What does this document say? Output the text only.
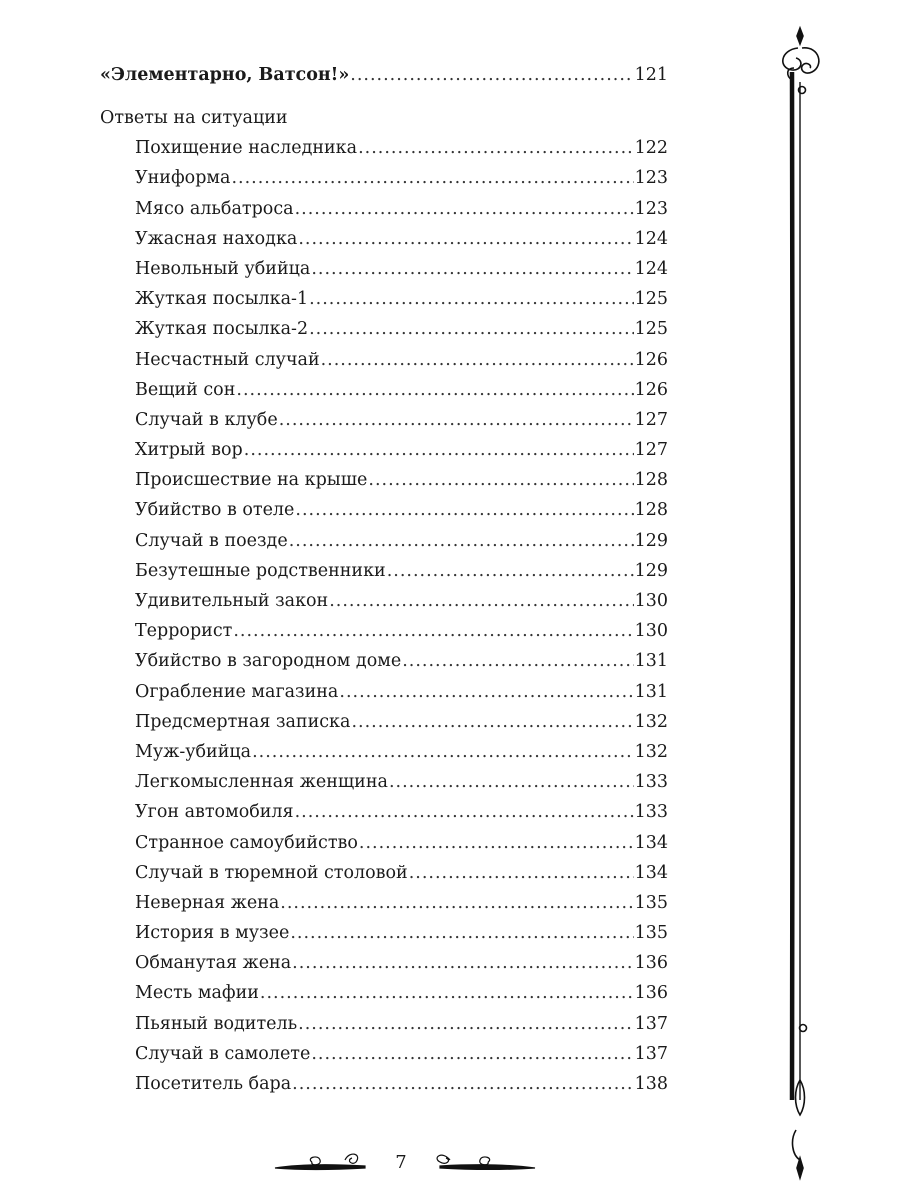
«Элементарно, Ватсон!» .....	121
Ответы на ситуации
Похищение наследника .....	122
Униформа .....	123
Мясо альбатроса .....	123
Ужасная находка .....	124
Невольный убийца .....	124
Жуткая посылка-1 .....	125
Жуткая посылка-2 .....	125
Несчастный случай .....	126
Вещий сон .....	126
Случай в клубе .....	127
Хитрый вор .....	127
Происшествие на крыше .....	128
Убийство в отеле .....	128
Случай в поезде .....	129
Безутешные родственники .....	129
Удивительный закон .....	130
Террорист .....	130
Убийство в загородном доме .....	131
Ограбление магазина .....	131
Предсмертная записка .....	132
Муж-убийца .....	132
Легкомысленная женщина .....	133
Угон автомобиля .....	133
Странное самоубийство .....	134
Случай в тюремной столовой .....	134
Неверная жена .....	135
История в музее .....	135
Обманутая жена .....	136
Месть мафии .....	136
Пьяный водитель .....	137
Случай в самолете .....	137
Посетитель бара .....	138
7
